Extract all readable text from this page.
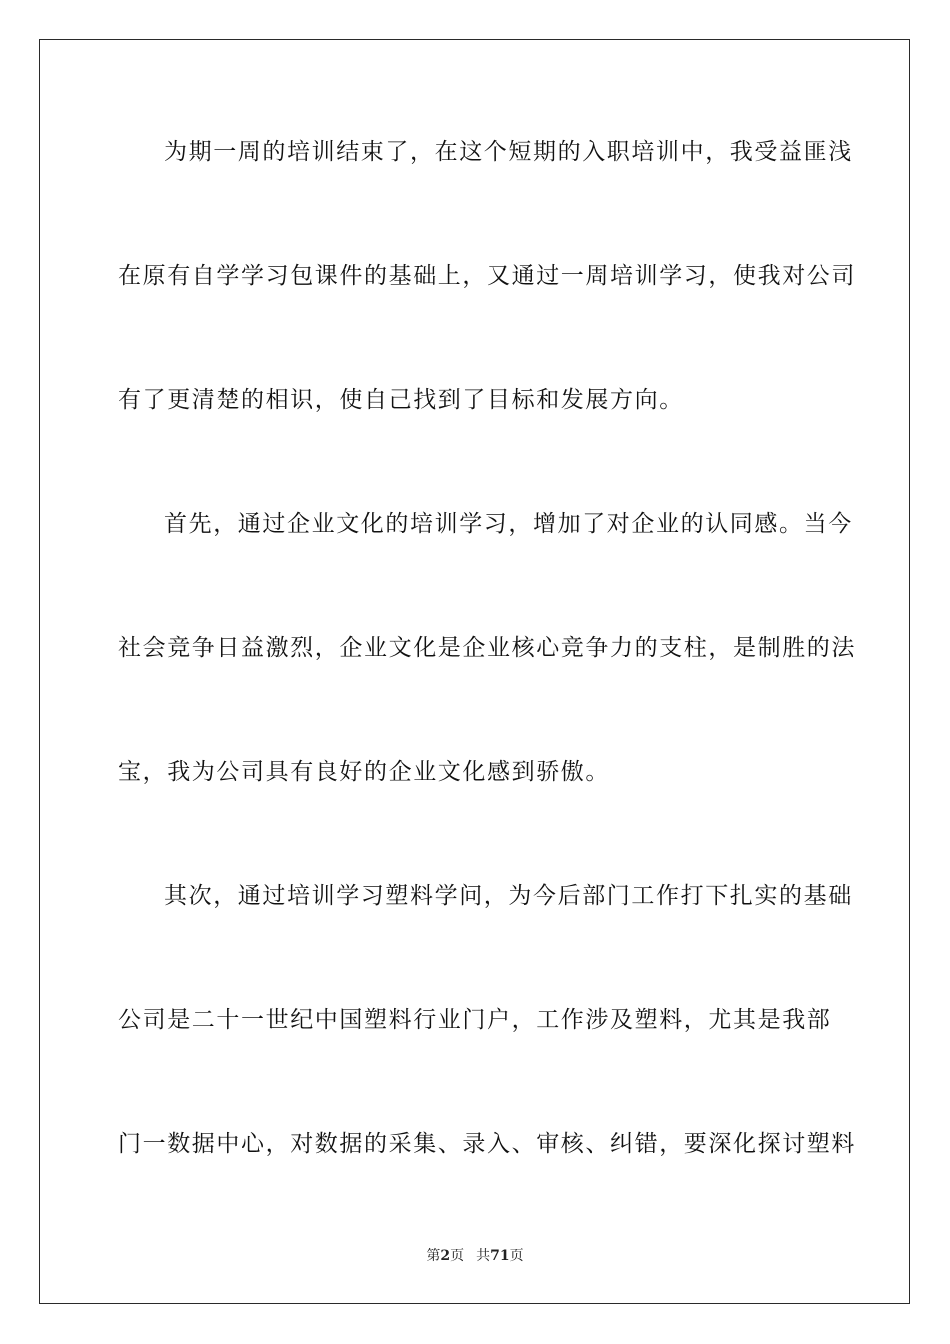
为期一周的培训结束了，在这个短期的入职培训中，我受益匪浅
在原有自学学习包课件的基础上，又通过一周培训学习，使我对公司
有了更清楚的相识，使自己找到了目标和发展方向。
首先，通过企业文化的培训学习，增加了对企业的认同感。当今
社会竞争日益激烈，企业文化是企业核心竞争力的支柱，是制胜的法
宝，我为公司具有良好的企业文化感到骄傲。
其次，通过培训学习塑料学问，为今后部门工作打下扎实的基础
公司是二十一世纪中国塑料行业门户，工作涉及塑料，尤其是我部
门一数据中心，对数据的采集、录入、审核、纠错，要深化探讨塑料
第2页 共71页
